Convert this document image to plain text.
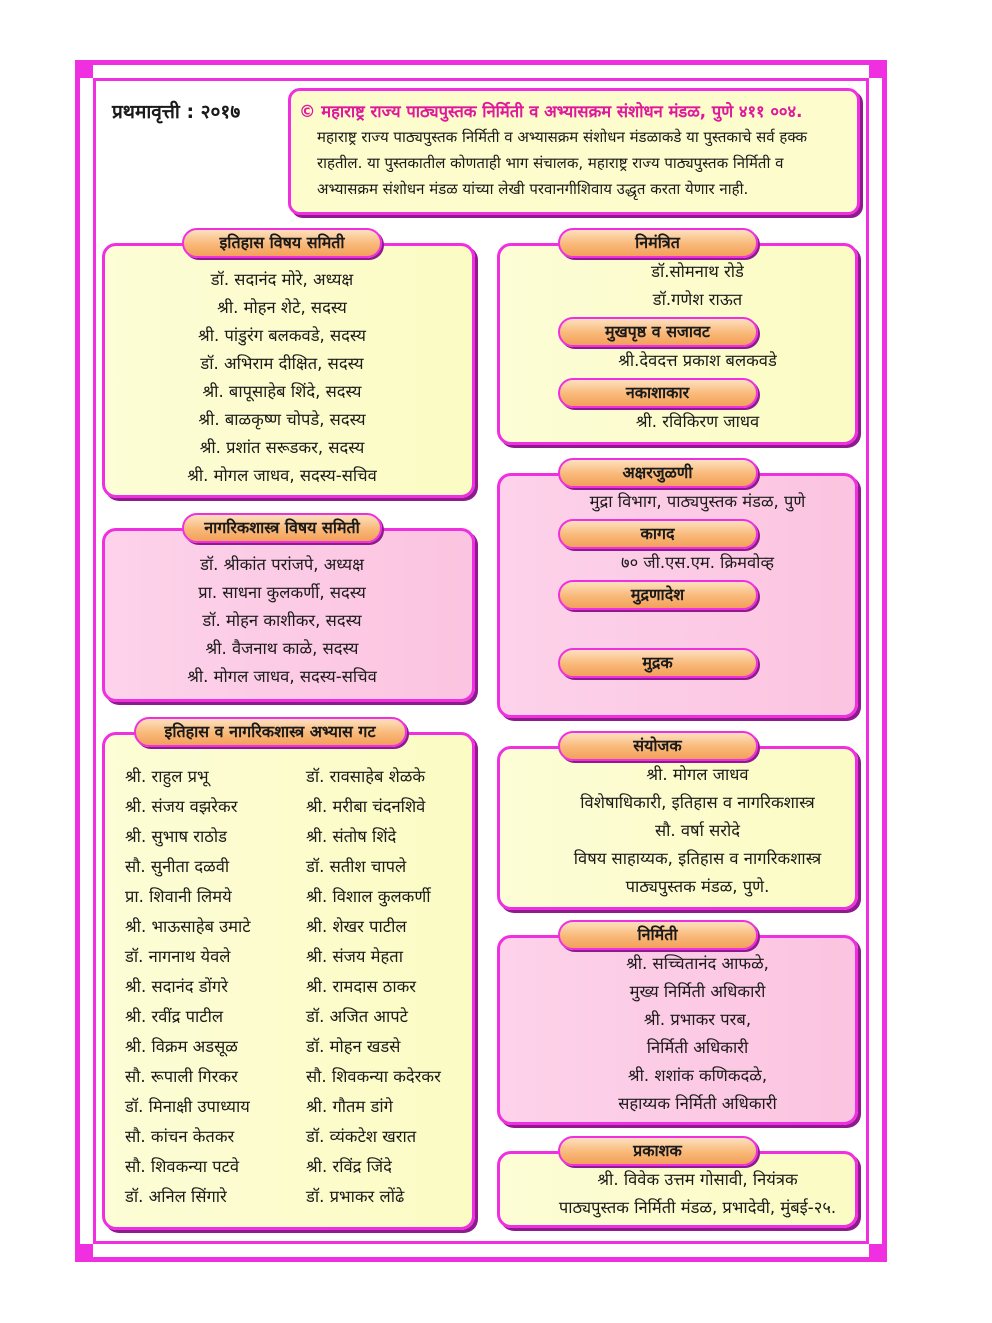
प्रथमावृत्ती : २०१७	© महाराष्ट्र राज्य पाठ्यपुस्तक निर्मिती व अभ्यासक्रम संशोधन मंडळ, पुणे ४११ ००४.
महाराष्ट्र राज्य पाठ्यपुस्तक निर्मिती व अभ्यासक्रम संशोधन मंडळाकडे या पुस्तकाचे सर्व हक्क
राहतील. या पुस्तकातील कोणताही भाग संचालक, महाराष्ट्र राज्य पाठ्यपुस्तक निर्मिती व
अभ्यासक्रम संशोधन मंडळ यांच्या लेखी परवानगीशिवाय उद्धृत करता येणार नाही.
इतिहास विषय समिती
डॉ. सदानंद मोरे, अध्यक्ष
श्री. मोहन शेटे, सदस्य
श्री. पांडुरंग बलकवडे, सदस्य
डॉ. अभिराम दीक्षित, सदस्य
श्री. बापूसाहेब शिंदे, सदस्य
श्री. बाळकृष्ण चोपडे, सदस्य
श्री. प्रशांत सरूडकर, सदस्य
श्री. मोगल जाधव, सदस्य-सचिव
नागरिकशास्त्र विषय समिती
डॉ. श्रीकांत परांजपे, अध्यक्ष
प्रा. साधना कुलकर्णी, सदस्य
डॉ. मोहन काशीकर, सदस्य
श्री. वैजनाथ काळे, सदस्य
श्री. मोगल जाधव, सदस्य-सचिव
इतिहास व नागरिकशास्त्र अभ्यास गट
श्री. राहुल प्रभू	डॉ. रावसाहेब शेळके
श्री. संजय वझरेकर	श्री. मरीबा चंदनशिवे
श्री. सुभाष राठोड	श्री. संतोष शिंदे
सौ. सुनीता दळवी	डॉ. सतीश चापले
प्रा. शिवानी लिमये	श्री. विशाल कुलकर्णी
श्री. भाऊसाहेब उमाटे	श्री. शेखर पाटील
डॉ. नागनाथ येवले	श्री. संजय मेहता
श्री. सदानंद डोंगरे	श्री. रामदास ठाकर
श्री. रवींद्र पाटील	डॉ. अजित आपटे
श्री. विक्रम अडसूळ	डॉ. मोहन खडसे
सौ. रूपाली गिरकर	सौ. शिवकन्या कदेरकर
डॉ. मिनाक्षी उपाध्याय	श्री. गौतम डांगे
सौ. कांचन केतकर	डॉ. व्यंकटेश खरात
सौ. शिवकन्या पटवे	श्री. रविंद्र जिंदे
डॉ. अनिल सिंगारे	डॉ. प्रभाकर लोंढे
निमंत्रित
डॉ.सोमनाथ रोडे
डॉ.गणेश राऊत
मुखपृष्ठ व सजावट
श्री.देवदत्त प्रकाश बलकवडे
नकाशाकार
श्री. रविकिरण जाधव
अक्षरजुळणी
मुद्रा विभाग, पाठ्यपुस्तक मंडळ, पुणे
कागद
७० जी.एस.एम. क्रिमवोव्ह
मुद्रणादेश
मुद्रक
संयोजक
श्री. मोगल जाधव
विशेषाधिकारी, इतिहास व नागरिकशास्त्र
सौ. वर्षा सरोदे
विषय साहाय्यक, इतिहास व नागरिकशास्त्र
पाठ्यपुस्तक मंडळ, पुणे.
निर्मिती
श्री. सच्चितानंद आफळे,
मुख्य निर्मिती अधिकारी
श्री. प्रभाकर परब,
निर्मिती अधिकारी
श्री. शशांक कणिकदळे,
सहाय्यक निर्मिती अधिकारी
प्रकाशक
श्री. विवेक उत्तम गोसावी, नियंत्रक
पाठ्यपुस्तक निर्मिती मंडळ, प्रभादेवी, मुंबई-२५.
